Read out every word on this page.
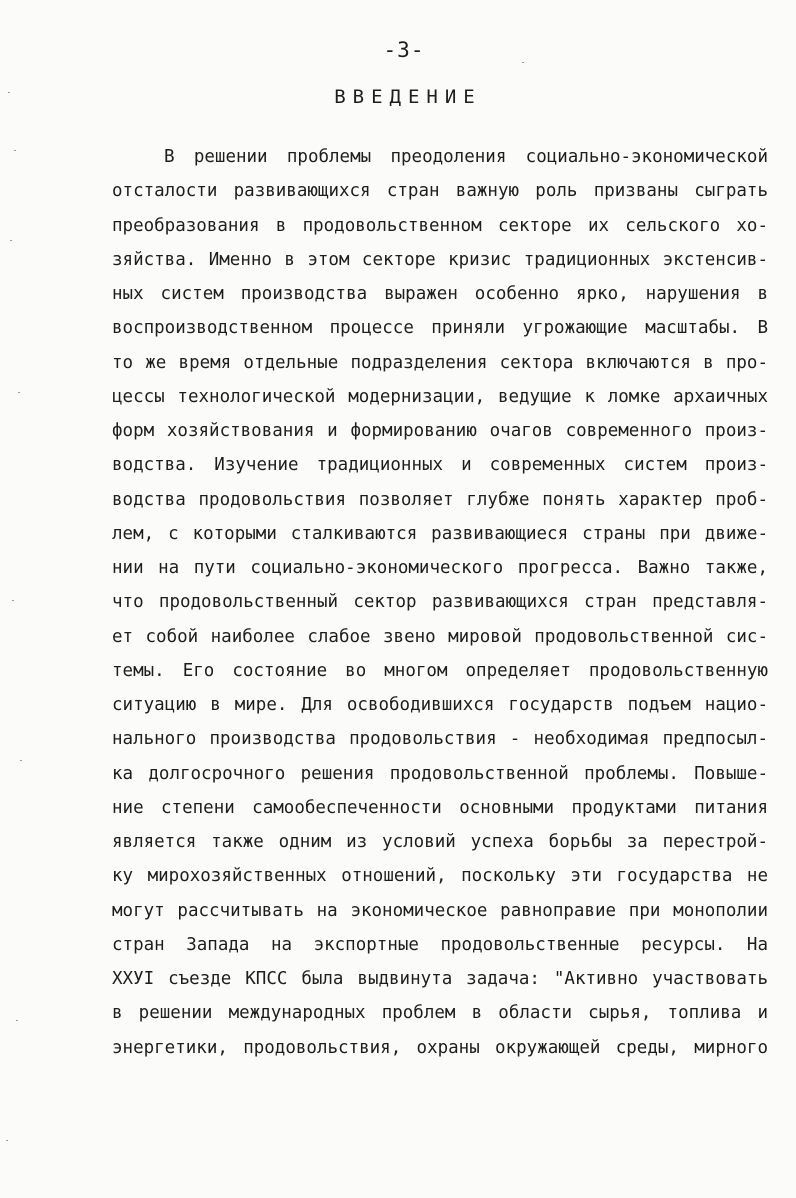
-3-
ВВЕДЕНИЕ
В решении проблемы преодоления социально-экономической
отсталости развивающихся стран важную роль призваны сыграть
преобразования в продовольственном секторе их сельского хо-
зяйства. Именно в этом секторе кризис традиционных экстенсив-
ных систем производства выражен особенно ярко, нарушения в
воспроизводственном процессе приняли угрожающие масштабы. В
то же время отдельные подразделения сектора включаются в про-
цессы технологической модернизации, ведущие к ломке архаичных
форм хозяйствования и формированию очагов современного произ-
водства. Изучение традиционных и современных систем произ-
водства продовольствия позволяет глубже понять характер проб-
лем, с которыми сталкиваются развивающиеся страны при движе-
нии на пути социально-экономического прогресса. Важно также,
что продовольственный сектор развивающихся стран представля-
ет собой наиболее слабое звено мировой продовольственной сис-
темы. Его состояние во многом определяет продовольственную
ситуацию в мире. Для освободившихся государств подъем нацио-
нального производства продовольствия - необходимая предпосыл-
ка долгосрочного решения продовольственной проблемы. Повыше-
ние степени самообеспеченности основными продуктами питания
является также одним из условий успеха борьбы за перестрой-
ку мирохозяйственных отношений, поскольку эти государства не
могут рассчитывать на экономическое равноправие при монополии
стран Запада на экспортные продовольственные ресурсы. На
XXУI съезде КПСС была выдвинута задача: "Активно участвовать
в решении международных проблем в области сырья, топлива и
энергетики, продовольствия, охраны окружающей среды, мирного
